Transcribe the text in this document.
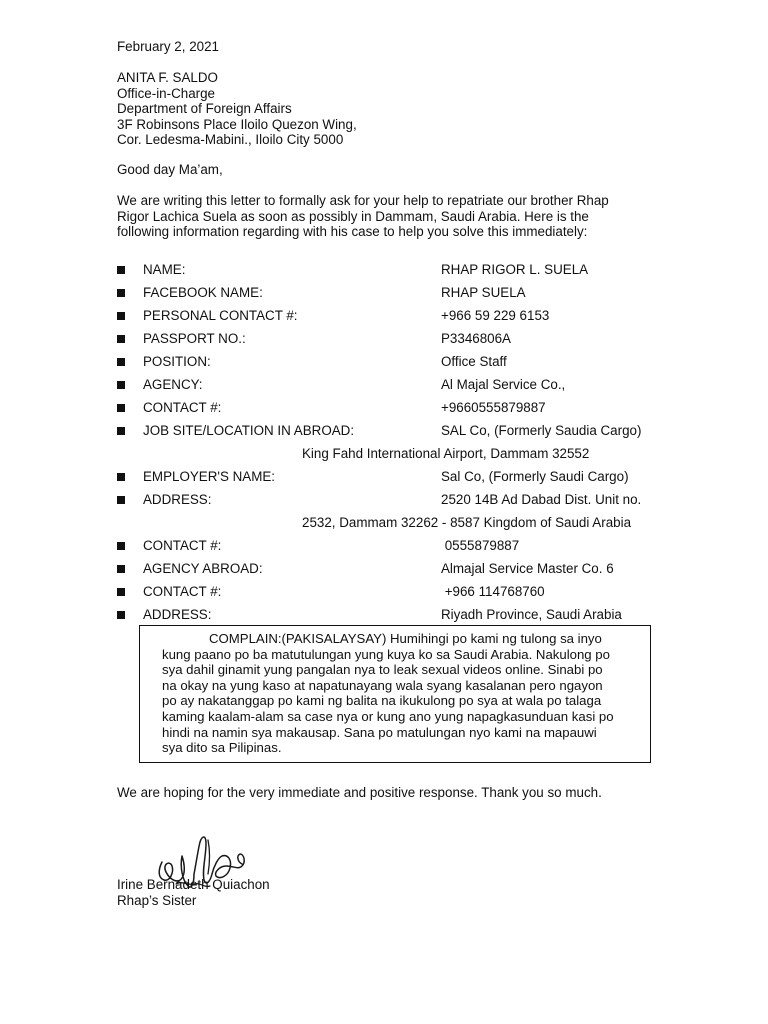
February 2, 2021
ANITA F. SALDO
Office-in-Charge
Department of Foreign Affairs
3F Robinsons Place Iloilo Quezon Wing,
Cor. Ledesma-Mabini., Iloilo City 5000
Good day Ma’am,
We are writing this letter to formally ask for your help to repatriate our brother Rhap
Rigor Lachica Suela as soon as possibly in Dammam, Saudi Arabia. Here is the
following information regarding with his case to help you solve this immediately:
NAME:	RHAP RIGOR L. SUELA
FACEBOOK NAME:	RHAP SUELA
PERSONAL CONTACT #:	+966 59 229 6153
PASSPORT NO.:	P3346806A
POSITION:	Office Staff
AGENCY:	Al Majal Service Co.,
CONTACT #:	+9660555879887
JOB SITE/LOCATION IN ABROAD:	SAL Co, (Formerly Saudia Cargo)
King Fahd International Airport, Dammam 32552
EMPLOYER'S NAME:	Sal Co, (Formerly Saudi Cargo)
ADDRESS:	2520 14B Ad Dabad Dist. Unit no.
2532, Dammam 32262 - 8587 Kingdom of Saudi Arabia
CONTACT #:	0555879887
AGENCY ABROAD:	Almajal Service Master Co. 6
CONTACT #:	+966 114768760
ADDRESS:	Riyadh Province, Saudi Arabia
COMPLAIN:(PAKISALAYSAY) Humihingi po kami ng tulong sa inyo
kung paano po ba matutulungan yung kuya ko sa Saudi Arabia. Nakulong po
sya dahil ginamit yung pangalan nya to leak sexual videos online. Sinabi po
na okay na yung kaso at napatunayang wala syang kasalanan pero ngayon
po ay nakatanggap po kami ng balita na ikukulong po sya at wala po talaga
kaming kaalam-alam sa case nya or kung ano yung napagkasunduan kasi po
hindi na namin sya makausap. Sana po matulungan nyo kami na mapauwi
sya dito sa Pilipinas.
We are hoping for the very immediate and positive response. Thank you so much.
Irine Bernadeth Quiachon
Rhap’s Sister
